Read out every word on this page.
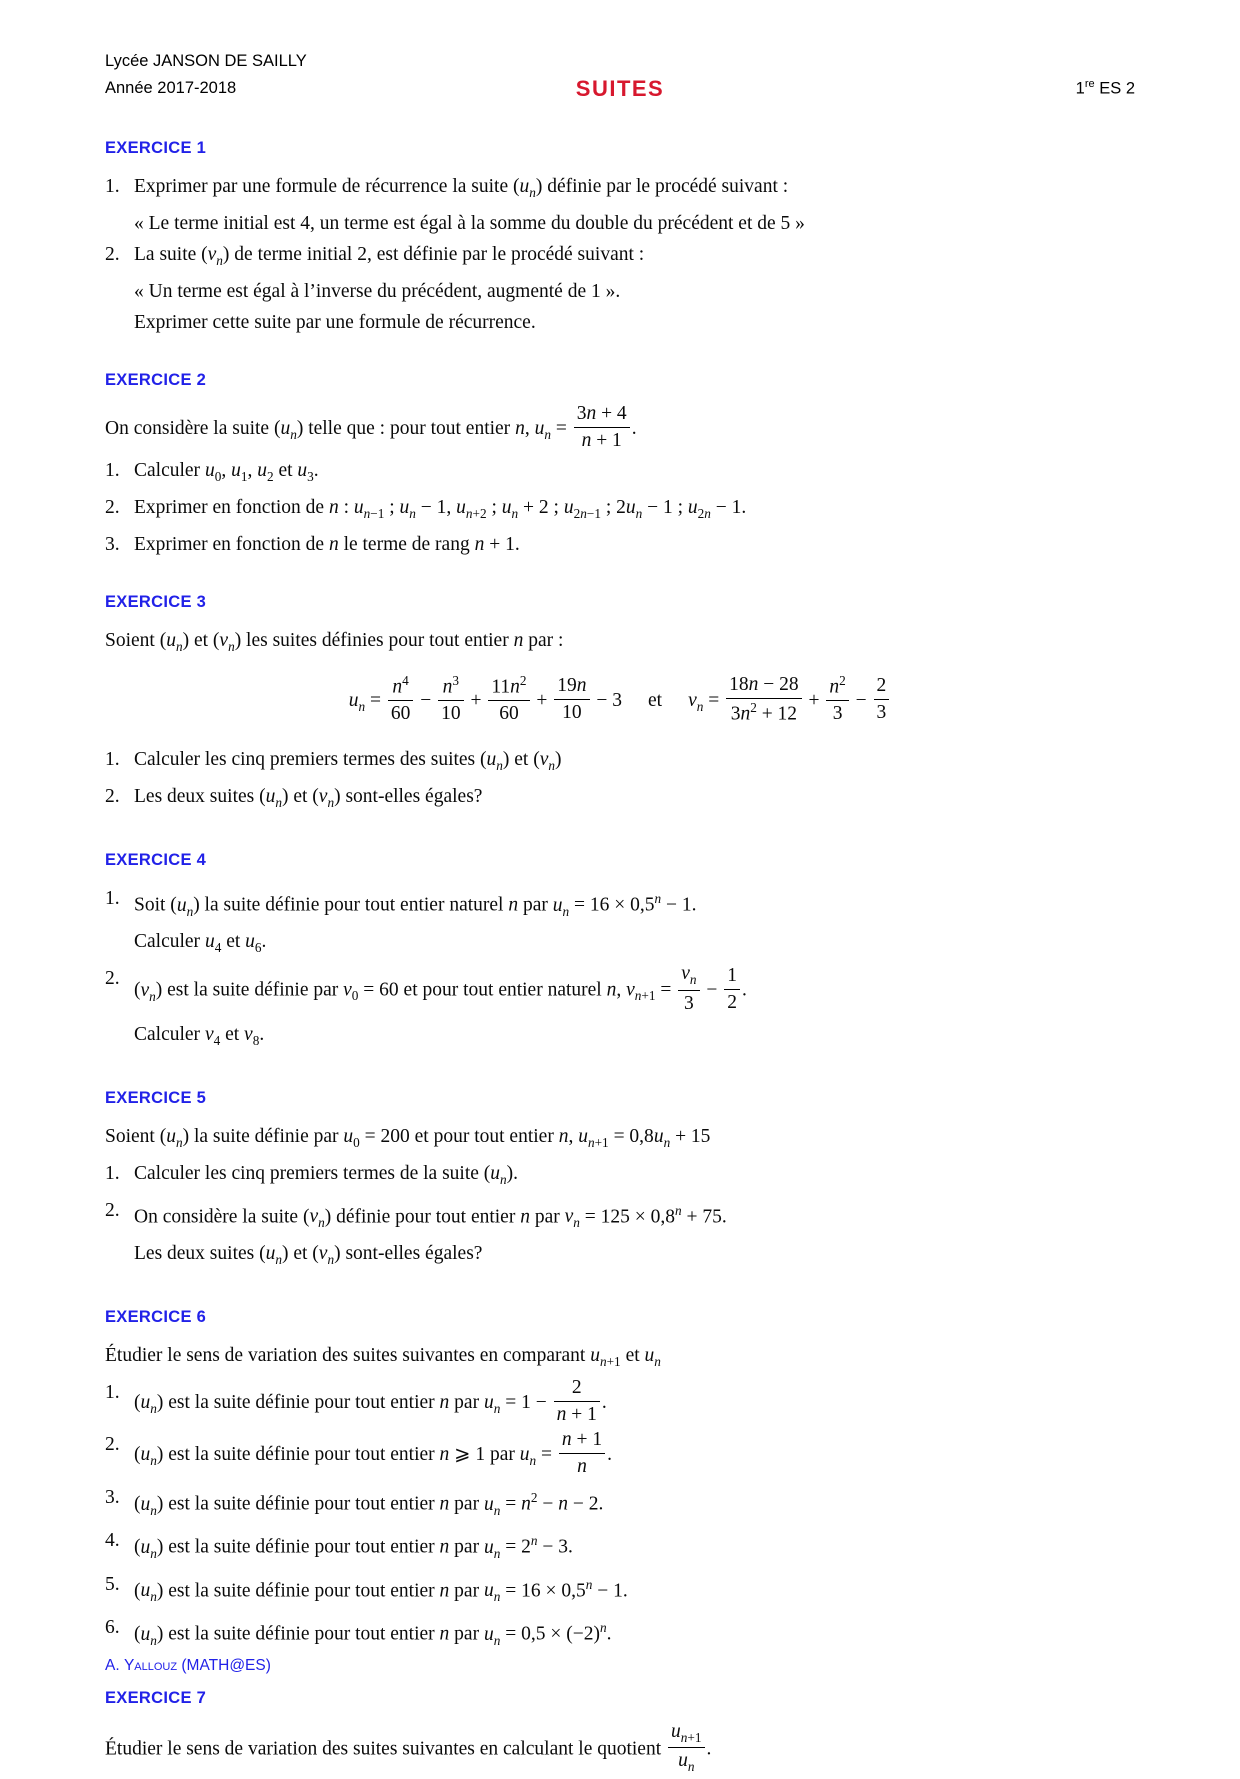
Lycée JANSON DE SAILLY
Année 2017-2018	SUITES	1re ES 2
EXERCICE 1
1. Exprimer par une formule de récurrence la suite $(u_n)$ définie par le procédé suivant :
« Le terme initial est 4, un terme est égal à la somme du double du précédent et de 5 »
2. La suite $(v_n)$ de terme initial 2, est définie par le procédé suivant :
« Un terme est égal à l’inverse du précédent, augmenté de 1 ».
Exprimer cette suite par une formule de récurrence.
EXERCICE 2
On considère la suite $(u_n)$ telle que : pour tout entier n, $u_n = \frac{3n + 4}{n + 1}$ .
1. Calculer $u_0$, $u_1$, $u_2$ et $u_3$.
2. Exprimer en fonction de n : $u_{n-1}$ ; $u_n - 1$, $u_{n+2}$ ; $u_n + 2$ ; $u_{2n-1}$ ; $2u_n - 1$ ; $u_{2n} - 1$.
3. Exprimer en fonction de n le terme de rang n + 1.
EXERCICE 3
Soient $(u_n)$ et $(v_n)$ les suites définies pour tout entier n par :
$u_n = \frac{n^4}{60} - \frac{n^3}{10} + \frac{11n^2}{60} + \frac{19n}{10} - 3$ et $v_n = \frac{18n - 28}{3n^2 + 12} + \frac{n^2}{3} - \frac{2}{3}$
1. Calculer les cinq premiers termes des suites $(u_n)$ et $(v_n)$
2. Les deux suites $(u_n)$ et $(v_n)$ sont-elles égales?
EXERCICE 4
1. Soit $(u_n)$ la suite définie pour tout entier naturel n par $u_n = 16 \times 0,5^n - 1$.
Calculer $u_4$ et $u_6$.
2.
$(v_n)$ est la suite définie par $v_0 = 60$ et pour tout entier naturel n, $v_{n+1} = \frac{v_n}{3} - \frac{1}{2}$ .
Calculer $v_4$ et $v_8$.
EXERCICE 5
Soient $(u_n)$ la suite définie par $u_0 = 200$ et pour tout entier n, $u_{n+1} = 0,8u_n + 15$
1. Calculer les cinq premiers termes de la suite $(u_n)$.
2. On considère la suite $(v_n)$ définie pour tout entier n par $v_n = 125 \times 0,8^n + 75$.
Les deux suites $(u_n)$ et $(v_n)$ sont-elles égales?
EXERCICE 6
Étudier le sens de variation des suites suivantes en comparant $u_{n+1}$ et $u_n$
1. $(u_n)$ est la suite définie pour tout entier n par $u_n = 1 - \frac{2}{n + 1}$ .
2. $(u_n)$ est la suite définie pour tout entier n ⩾ 1 par $u_n = \frac{n + 1}{n}$ .
3. $(u_n)$ est la suite définie pour tout entier n par $u_n = n^2 - n - 2$.
4. $(u_n)$ est la suite définie pour tout entier n par $u_n = 2^n - 3$.
5. $(u_n)$ est la suite définie pour tout entier n par $u_n = 16 \times 0,5^n - 1$.
6. $(u_n)$ est la suite définie pour tout entier n par $u_n = 0,5 \times (-2)^n$.
EXERCICE 7
Étudier le sens de variation des suites suivantes en calculant le quotient $\frac{u_{n+1}}{u_n}$ .
A. Yallouz (MATH@ES)
